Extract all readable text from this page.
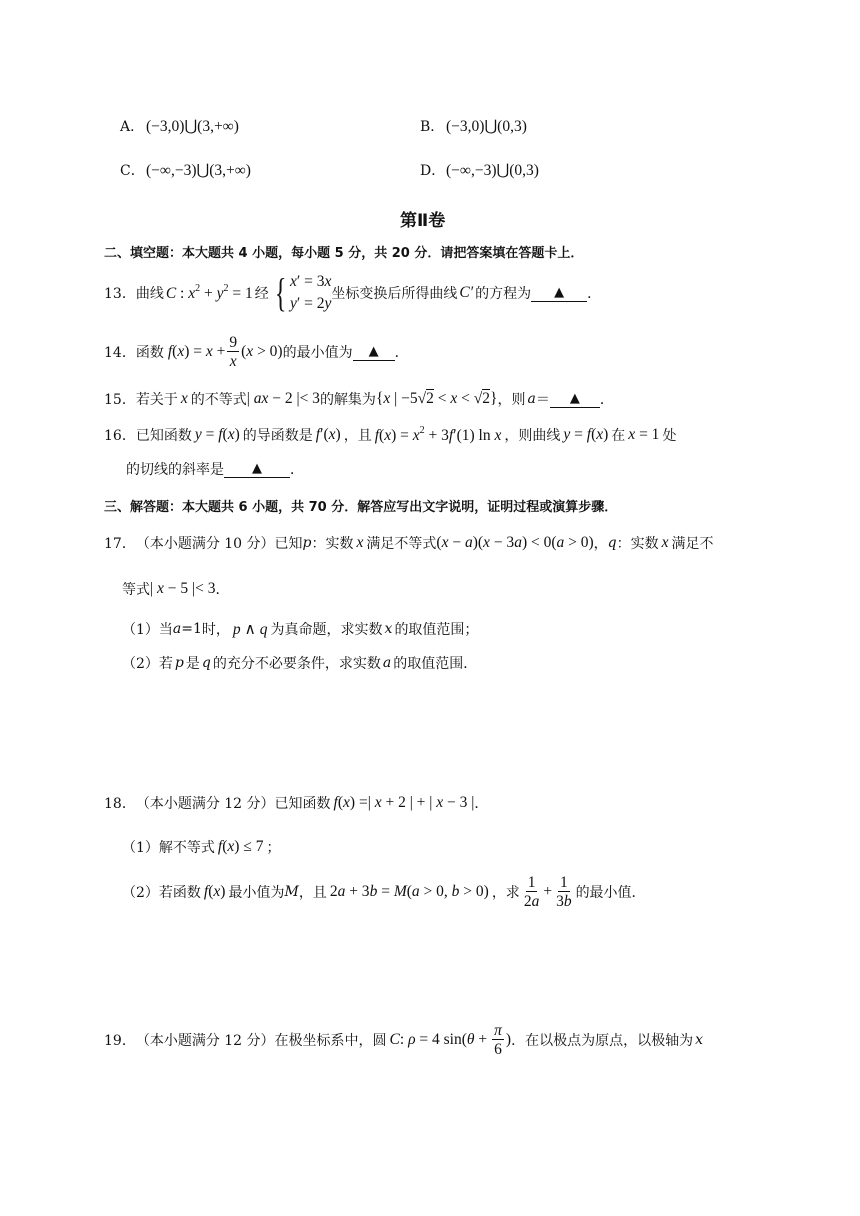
A． (−3,0)⋃(3,+∞)	B． (−3,0)⋃(0,3)
C．(−∞,−3)⋃(3,+∞)	D．(−∞,−3)⋃(0,3)
第Ⅱ卷
二、填空题：本大题共 4 小题，每小题 5 分，共 20 分．请把答案填在答题卡上．
13． 曲线 C : $x^2 + y^2 = 1$ 经 { x′ = 3x
y′ = 2y
坐标变换后所得曲线 C′ 的方程为	▲	．
14． 函数 $f(x) = x + \frac{9}{x} (x > 0)$ 的最小值为	▲	．
15． 若关于 x 的不等式 | ax − 2 |< 3 的解集为 {x | −5√2 < x < √2} ，则 a ＝	▲	．
16． 已知函数 y = f(x) 的导函数是 f′(x) ，且 $f(x) = x^2 + 3f'(1)$ ln x ，则曲线 y = f(x) 在 x = 1 处
的切线的斜率是	▲	．
三、解答题：本大题共 6 小题，共 70 分．解答应写出文字说明，证明过程或演算步骤．
17． （本小题满分 10 分） 已知 p ：实数 x 满足不等式 (x − a)(x − 3a) < 0(a > 0) ， q ：实数 x 满足不
等式 | x − 5 |< 3 ．
（1）当 a =1 时， p ∧ q 为真命题，求实数 x 的取值范围；
（2）若 p 是 q 的充分不必要条件，求实数 a 的取值范围．
18． （本小题满分 12 分） 已知函数 f(x) =| x + 2 | + | x − 3 | ．
（1）解不等式 f(x) ≤ 7 ；
（2）若函数 f(x) 最小值为 M ，且 2a + 3b = M(a > 0, b > 0) ，求 $\frac{1}{2a} + \frac{1}{3b}$ 的最小值．
19． （本小题满分 12 分） 在极坐标系中，圆 C: ρ = 4 $\sin(\theta + \frac{\pi}{6}$ ) ．在以极点为原点，以极轴为 x
